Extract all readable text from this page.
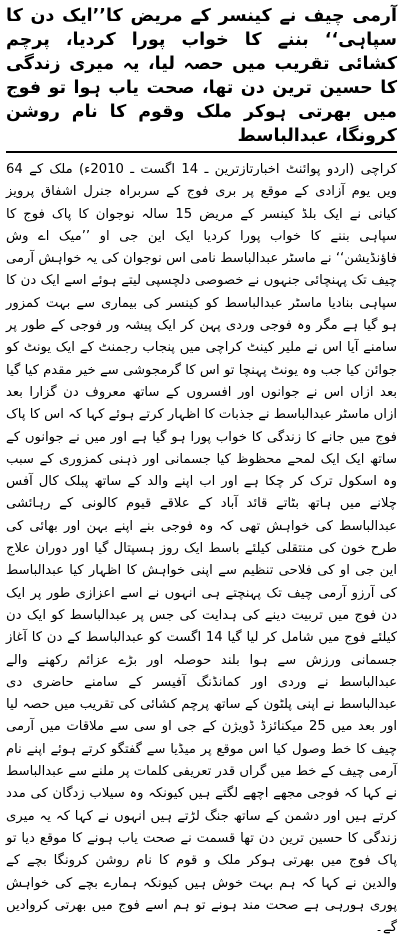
آرمی چیف نے کینسر کے مریض کا’’ایک دن کا سپاہی‘‘ بننے کا خواب پورا کردیا، پرچم کشائی تقریب میں حصہ لیا، یہ میری زندگی کا حسین ترین دن تھا، صحت یاب ہوا تو فوج میں بھرتی ہوکر ملک وقوم کا نام روشن کرونگا، عبدالباسط

کراچی (اردو پوائنٹ اخبارتازترین ـ 14 اگست ـ 2010ء) ملک کے 64 ویں یوم آزادی کے موقع پر بری فوج کے سربراہ جنرل اشفاق پرویز کیانی نے ایک بلڈ کینسر کے مریض 15 سالہ نوجوان کا پاک فوج کا سپاہی بننے کا خواب پورا کردیا ایک این جی او ’’میک اے وش فاؤنڈیشن‘‘ نے ماسٹر عبدالباسط نامی اس نوجوان کی یہ خواہش آرمی چیف تک پہنچائی جنہوں نے خصوصی دلچسپی لیتے ہوئے اسے ایک دن کا سپاہی بنادیا ماسٹر عبدالباسط کو کینسر کی بیماری سے بہت کمزور ہو گیا ہے مگر وہ فوجی وردی پہن کر ایک پیشہ ور فوجی کے طور پر سامنے آیا اس نے ملیر کینٹ کراچی میں پنجاب رجمنٹ کے ایک یونٹ کو جوائن کیا جب وہ یونٹ پہنچا تو اس کا گرمجوشی سے خیر مقدم کیا گیا بعد ازاں اس نے جوانوں اور افسروں کے ساتھ معروف دن گزارا بعد ازاں ماسٹر عبدالباسط نے جذبات کا اظہار کرتے ہوئے کہا کہ اس کا پاک فوج میں جانے کا زندگی کا خواب پورا ہو گیا ہے اور میں نے جوانوں کے ساتھ ایک ایک لمحے محظوظ کیا جسمانی اور ذہنی کمزوری کے سبب وہ اسکول ترک کر چکا ہے اور اب اپنے والد کے ساتھ پبلک کال آفس چلانے میں ہاتھ بٹاتے قائد آباد کے علاقے قیوم کالونی کے رہائشی عبدالباسط کی خواہش تھی کہ وہ فوجی بنے اپنے بہن اور بھائی کی طرح خون کی منتقلی کیلئے باسط ایک روز ہسپتال گیا اور دوران علاج این جی او کی فلاحی تنظیم سے اپنی خواہش کا اظہار کیا عبدالباسط کی آرزو آرمی چیف تک پہنچتے ہی انہوں نے اسے اعزازی طور پر ایک دن فوج میں تربیت دینے کی ہدایت کی جس پر عبدالباسط کو ایک دن کیلئے فوج میں شامل کر لیا گیا 14 اگست کو عبدالباسط کے دن کا آغاز جسمانی ورزش سے ہوا بلند حوصلہ اور بڑے عزائم رکھنے والے عبدالباسط نے وردی اور کمانڈنگ آفیسر کے سامنے حاضری دی عبدالباسط نے اپنی پلٹون کے ساتھ پرچم کشائی کی تقریب میں حصہ لیا اور بعد میں 25 میکنائزڈ ڈویژن کے جی او سی سے ملاقات میں آرمی چیف کا خط وصول کیا اس موقع پر میڈیا سے گفتگو کرتے ہوئے اپنے نام آرمی چیف کے خط میں گراں قدر تعریفی کلمات پر ملنے سے عبدالباسط نے کہا کہ فوجی مجھے اچھے لگتے ہیں کیونکہ وہ سیلاب زدگان کی مدد کرتے ہیں اور دشمن کے ساتھ جنگ لڑتے ہیں انہوں نے کہا کہ یہ میری زندگی کا حسین ترین دن تھا قسمت نے صحت یاب ہونے کا موقع دیا تو پاک فوج میں بھرتی ہوکر ملک و قوم کا نام روشن کرونگا بچے کے والدین نے کہا کہ ہم بہت خوش ہیں کیونکہ ہمارے بچے کی خواہش پوری ہورہی ہے صحت مند ہونے تو ہم اسے فوج میں بھرتی کروادیں گے۔
